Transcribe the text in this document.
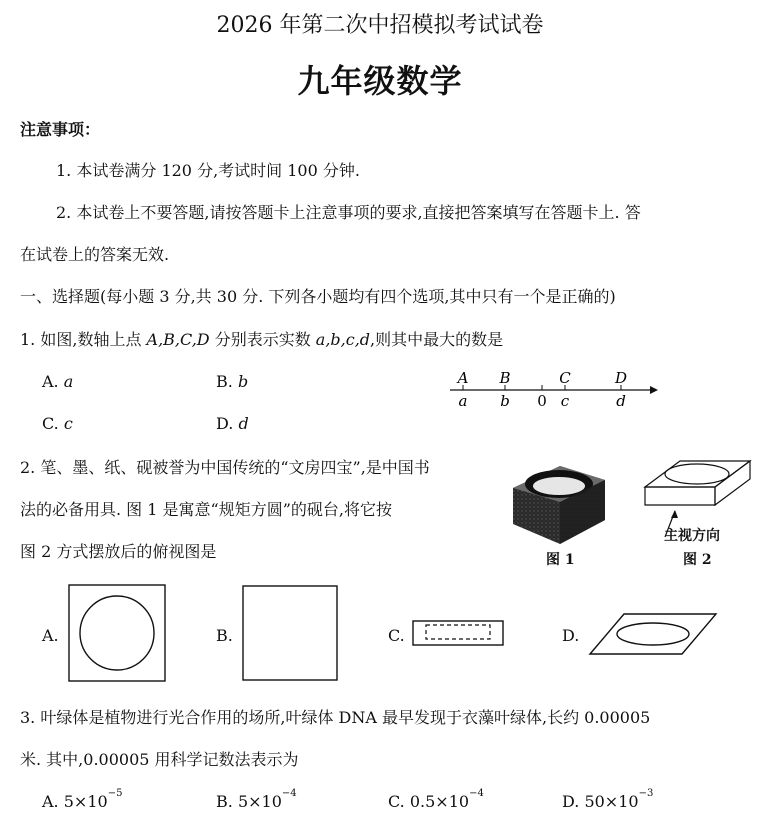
2026 年第二次中招模拟考试试卷
九年级数学
注意事项：
1. 本试卷满分 120 分,考试时间 100 分钟.
2. 本试卷上不要答题,请按答题卡上注意事项的要求,直接把答案填写在答题卡上. 答
在试卷上的答案无效.
一、选择题(每小题 3 分,共 30 分. 下列各小题均有四个选项,其中只有一个是正确的)
1. 如图,数轴上点 A,B,C,D 分别表示实数 a,b,c,d,则其中最大的数是
A. a	B. b
C. c	D. d
A B	C	D
a b 0 c	d
2. 笔、墨、纸、砚被誉为中国传统的“文房四宝”,是中国书
法的必备用具. 图 1 是寓意“规矩方圆”的砚台,将它按
图 2 方式摆放后的俯视图是	图 1
主视方向
图 2
A.	B.	C.	D.
3. 叶绿体是植物进行光合作用的场所,叶绿体 DNA 最早发现于衣藻叶绿体,长约 0.00005
米. 其中,0.00005 用科学记数法表示为
A. $5\times 10^{-5}$	B. $5\times 10^{-4}$	C. $0.5\times 10^{-4}$	D. $50\times 10^{-3}$
